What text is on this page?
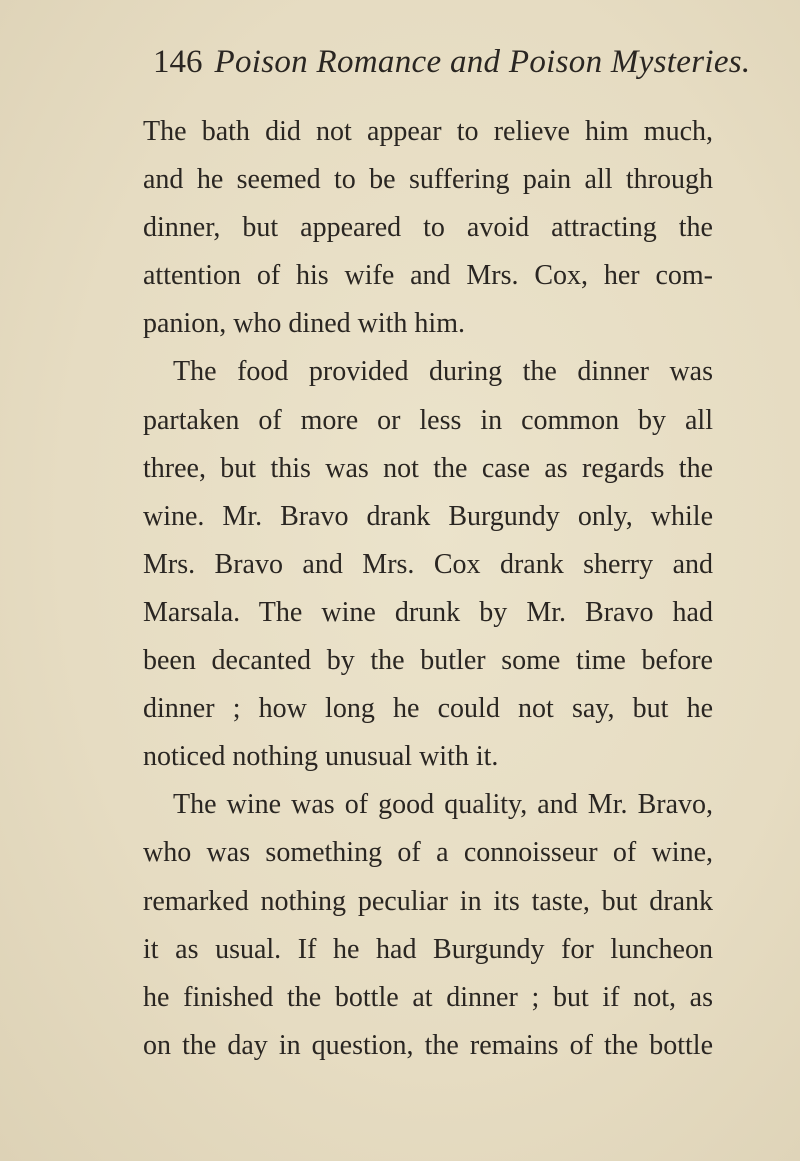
146 Poison Romance and Poison Mysteries.
The bath did not appear to relieve him much,
and he seemed to be suffering pain all through
dinner, but appeared to avoid attracting the
attention of his wife and Mrs. Cox, her com-
panion, who dined with him.
The food provided during the dinner was
partaken of more or less in common by all
three, but this was not the case as regards the
wine. Mr. Bravo drank Burgundy only, while
Mrs. Bravo and Mrs. Cox drank sherry and
Marsala. The wine drunk by Mr. Bravo had
been decanted by the butler some time before
dinner ; how long he could not say, but he
noticed nothing unusual with it.
The wine was of good quality, and Mr. Bravo,
who was something of a connoisseur of wine,
remarked nothing peculiar in its taste, but drank
it as usual. If he had Burgundy for luncheon
he finished the bottle at dinner ; but if not, as
on the day in question, the remains of the bottle
